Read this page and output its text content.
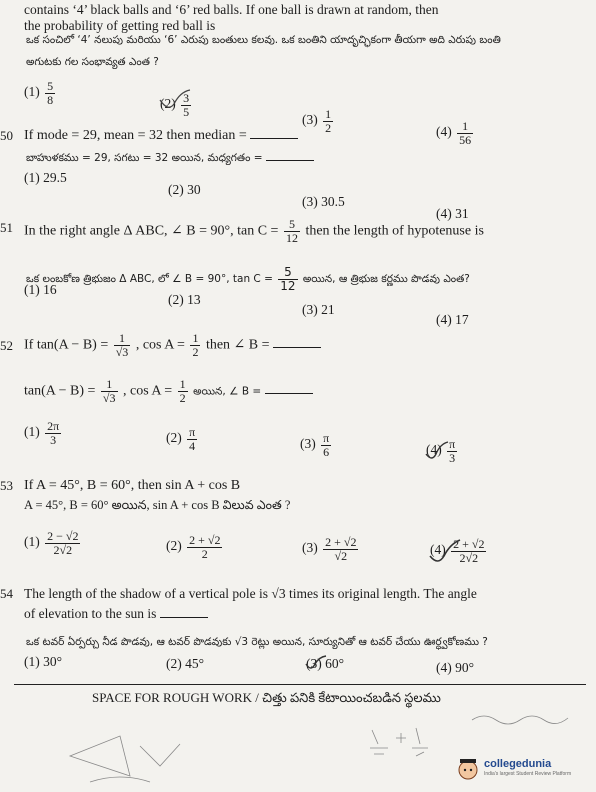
contains ‘4’ black balls and ‘6’ red balls. If one ball is drawn at random, then
the probability of getting red ball is
ఒక సంచిలో ‘4’ నలుపు మరియు ‘6’ ఎరుపు బంతులు కలవు. ఒక బంతిని యాదృచ్ఛికంగా తీయగా అది ఎరుపు బంతి
అగుటకు గల సంభావ్యత ఎంత ?
$(1) \frac{5}{8}$	$(2) \frac{3}{5}$
$(3) \frac{1}{2}$	$(4) \frac{1}{56}$
50 If mode = 29, mean = 32 then median =
బాహుళకము = 29, సగటు = 32 అయిన, మధ్యగతం =
(1) 29.5
(2) 30
(3) 30.5
(4) 31
51 In the right angle Δ ABC, ∠ B = 90°, $\tan C = \frac{5}{12}$ then the length of hypotenuse is
ఒక లంబకోణ త్రిభుజం Δ ABC, లో ∠ B = 90°, $\tan C = \frac{5}{12}$ అయిన, ఆ త్రిభుజ కర్ణము పొడవు ఎంత?
(1) 16
(2) 13
(3) 21
(4) 17
52 If $\tan(A - B) = \frac{1}{√3}$ , $\cos A = \frac{1}{2}$ then ∠ B =
$\tan(A - B) = \frac{1}{√3}$ , $\cos A = \frac{1}{2}$ అయిన, ∠ B =
$(1) \frac{2\pi}{3}$	$(2) \frac{\pi}{4}$	$(3) \frac{\pi}{6}$	$(4) \frac{\pi}{3}$
53 If A = 45°, B = 60°, then sin A + cos B
A = 45°, B = 60° అయిన, sin A + cos B విలువ ఎంత ?
$(1) \frac{2 - √2}{2√2}$	$(2) \frac{2 + √2}{2}$	$(3) \frac{2 + √2}{√2}$	$(4) \frac{2 + √2}{2√2}$
54 The length of the shadow of a vertical pole is √3 times its original length. The angle
of elevation to the sun is
ఒక టవర్ ఏర్పర్చు నీడ పొడవు, ఆ టవర్ పొడవుకు √3 రెట్లు అయిన, సూర్యునితో ఆ టవర్ చేయు ఊర్ధ్వకోణము ?
(1) 30°	(2) 45°	(3) 60°	(4) 90°
SPACE FOR ROUGH WORK / చిత్తు పనికి కేటాయించబడిన స్థలము
collegedunia
India's largest Student Review Platform
